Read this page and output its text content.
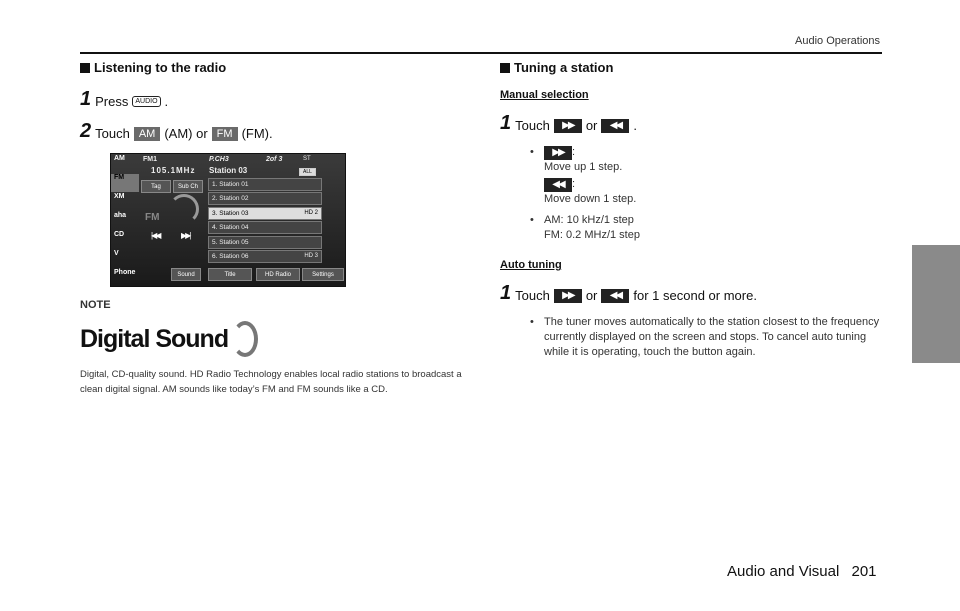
Audio Operations
Listening to the radio
1 Press	AUDIO .
2 Touch AM (AM) or FM (FM).
AM
FM
XM
aha
CD
V
Phone
FM1	P.CH3	2of 3	ST
105.1MHz Station 03	ALL
Tag	Sub Ch
FM
|◀◀	▶▶|
1. Station 01
2. Station 02
3. Station 03	HD 2
4. Station 04
5. Station 05
6. Station 06	HD 3
Sound	Title	HD Radio	Settings
NOTE
Digital Sound
Digital, CD-quality sound. HD Radio Technology enables local radio stations to broadcast a clean digital signal. AM sounds like today’s FM and FM sounds like a CD.
Tuning a station
Manual selection
1 Touch	▶▶ or	◀◀ .
•	▶▶ :
Move up 1 step.
◀◀ :
Move down 1 step.
• AM: 10 kHz/1 step
FM: 0.2 MHz/1 step
Auto tuning
1 Touch	▶▶ or	◀◀ for 1 second or more.
• The tuner moves automatically to the station closest to the frequency currently displayed on the screen and stops. To cancel auto tuning while it is operating, touch the button again.
Audio and Visual 201
